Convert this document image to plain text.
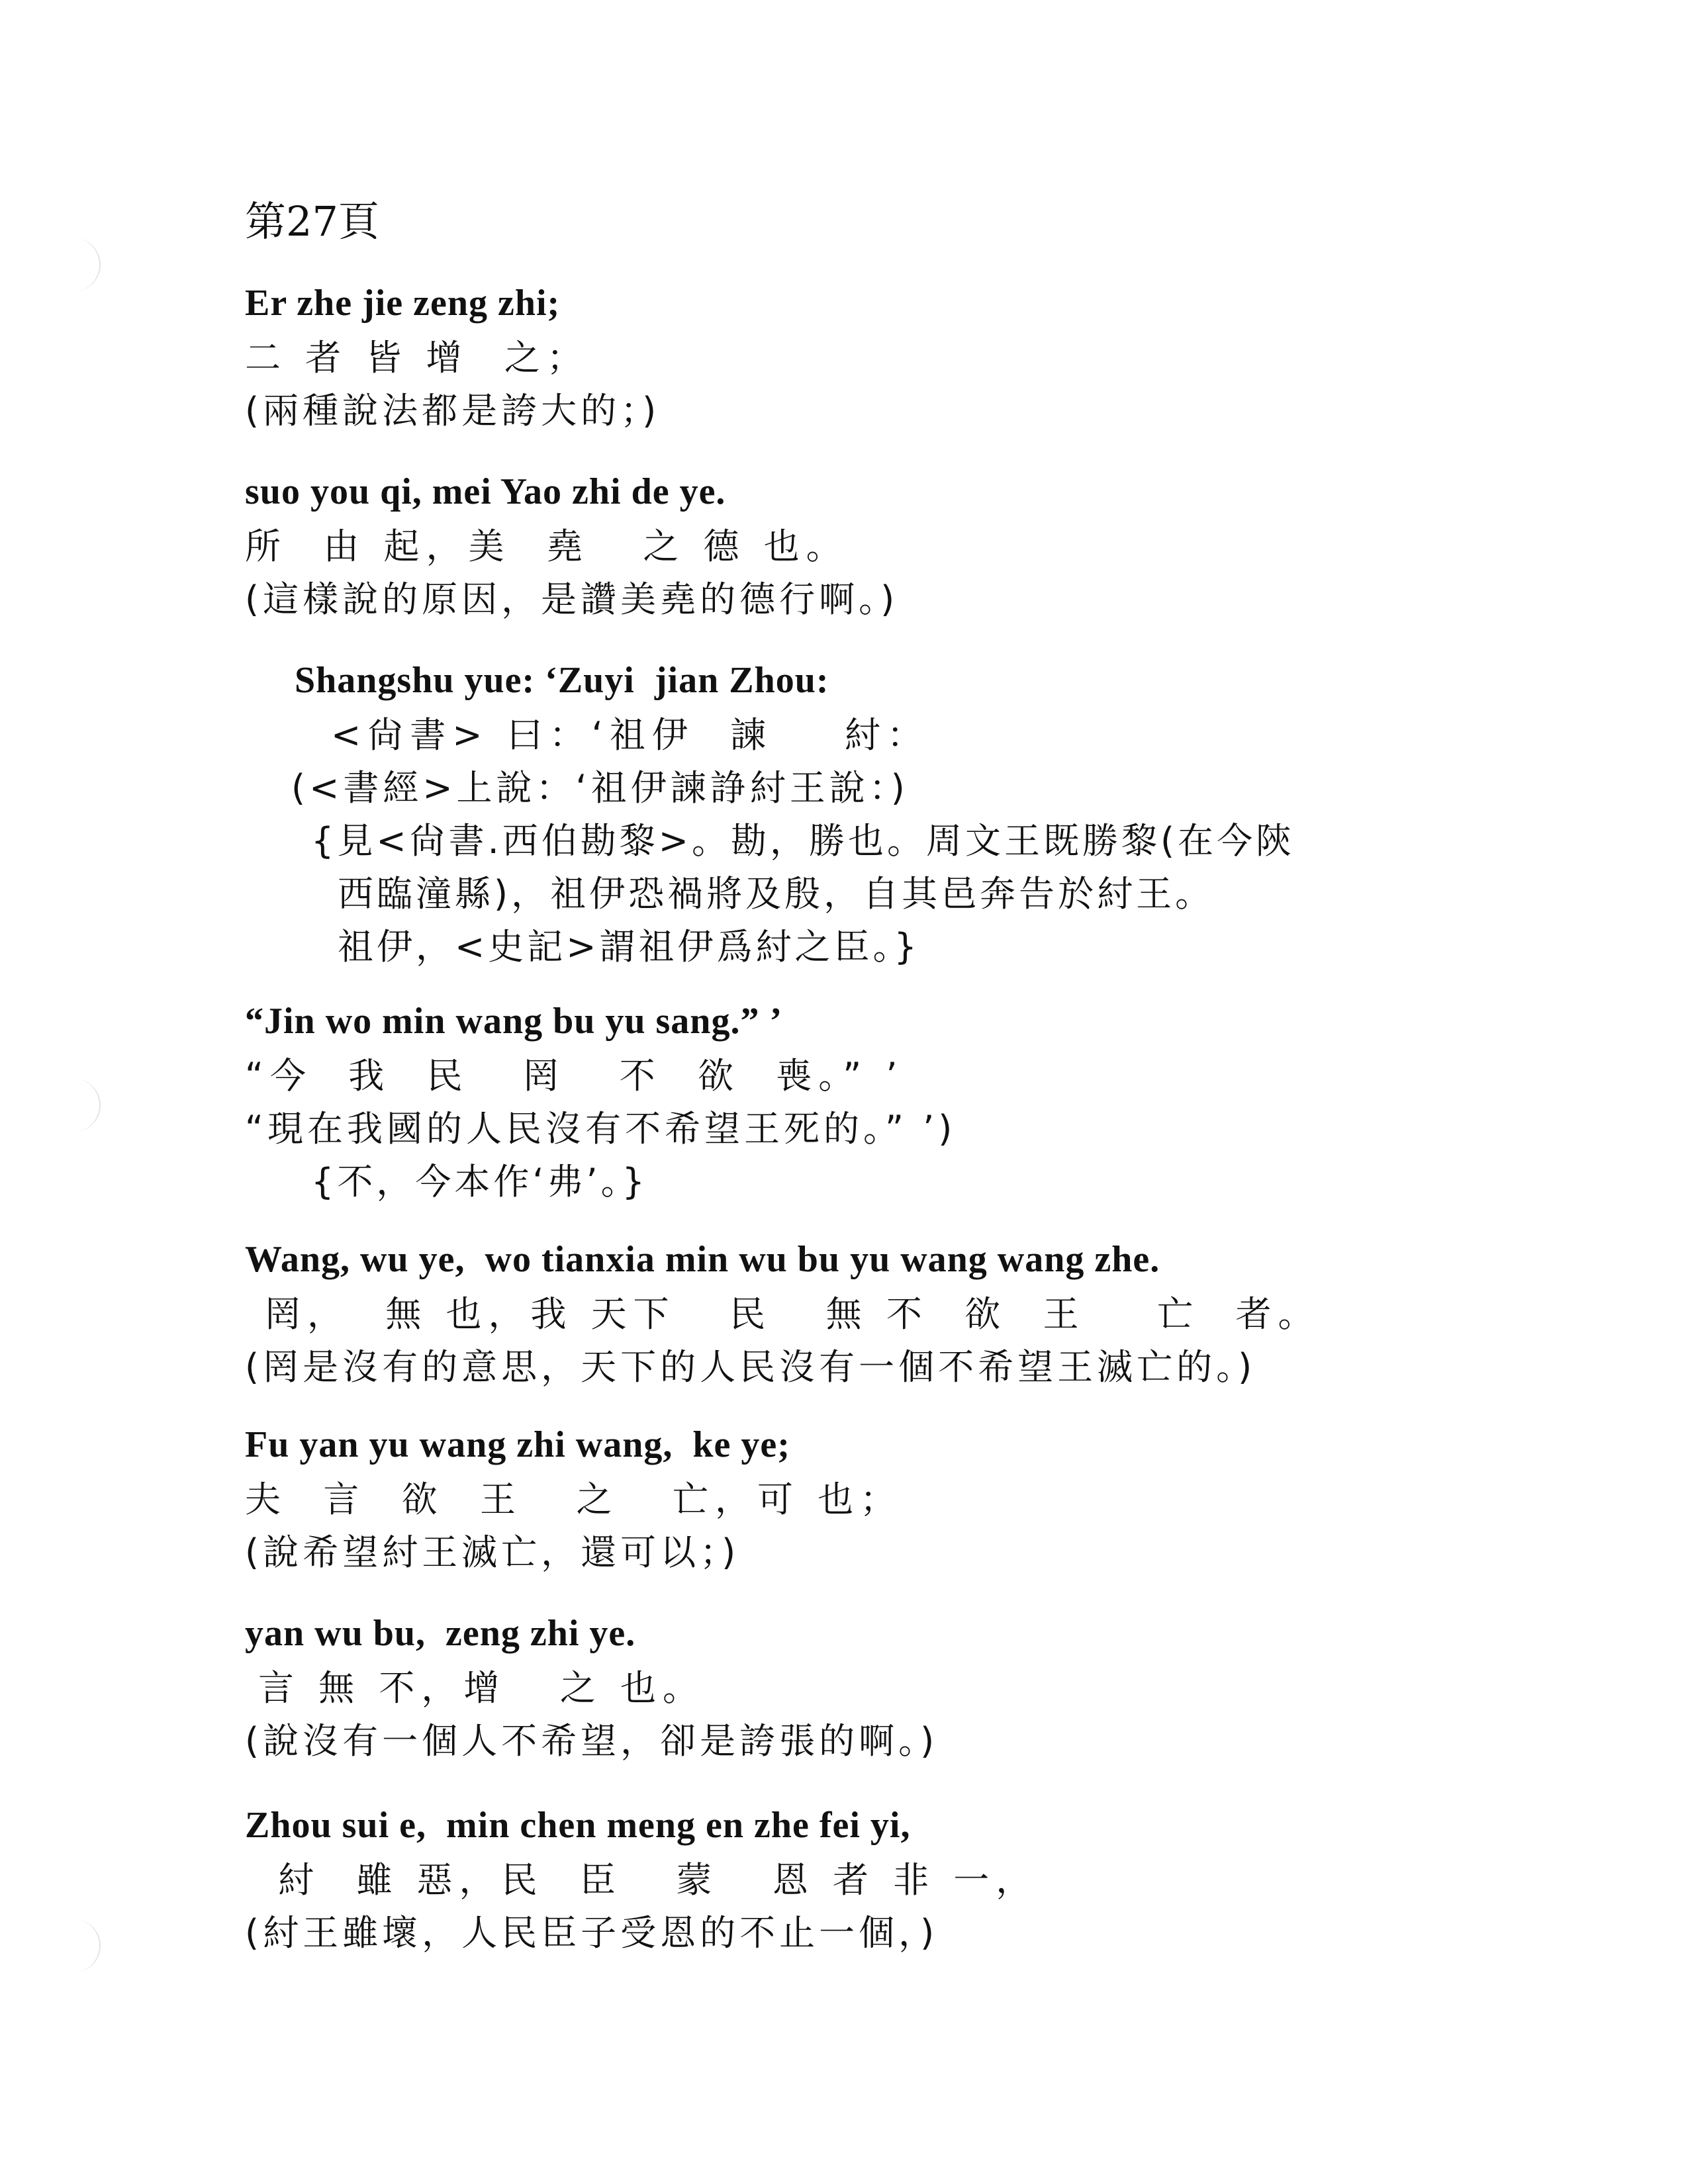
第27頁
Er zhe jie zeng zhi;
二 者 皆 增  之；
(兩種說法都是誇大的；)
suo you qi, mei Yao zhi de ye.
所  由 起，美  堯   之 德 也。
(這樣說的原因，是讚美堯的德行啊。)
Shangshu yue: ‘Zuyi  jian Zhou:
<尙書> 曰：‘祖伊  諫    紂：
(<書經>上說：‘祖伊諫諍紂王說：)
{見<尙書.西伯勘黎>。勘，勝也。周文王既勝黎(在今陝
西臨潼縣)，祖伊恐禍將及殷，自其邑奔告於紂王。
祖伊，<史記>謂祖伊爲紂之臣。}
“Jin wo min wang bu yu sang.” ’
“今  我  民   罔   不  欲  喪。” ’
“現在我國的人民沒有不希望王死的。” ’)
{不，今本作‘弗’。}
Wang, wu ye,  wo tianxia min wu bu yu wang wang zhe.
罔，  無 也，我 天下   民   無 不  欲  王    亡  者。
(罔是沒有的意思，天下的人民沒有一個不希望王滅亡的。)
Fu yan yu wang zhi wang,  ke ye;
夫  言  欲  王   之   亡，可 也；
(說希望紂王滅亡，還可以；)
yan wu bu,  zeng zhi ye.
言 無 不，增   之 也。
(說沒有一個人不希望，卻是誇張的啊。)
Zhou sui e,  min chen meng en zhe fei yi,
紂  雖 惡，民  臣   蒙   恩 者 非 一，
(紂王雖壞，人民臣子受恩的不止一個，)
